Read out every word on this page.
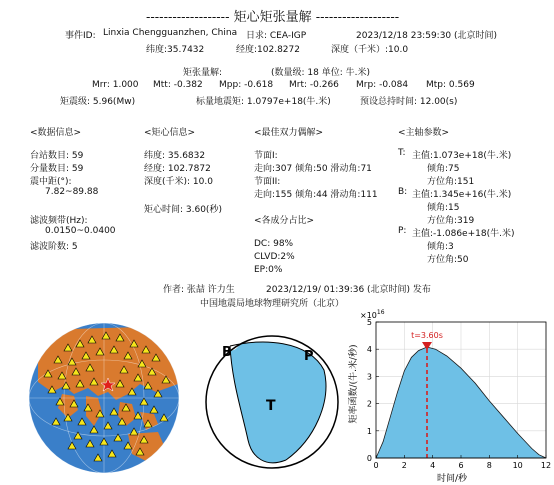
------------------- 矩心矩张量解 -------------------
事件ID: Linxia Chengguanzhen, China 日求: CEA-IGP	2023/12/18 23:59:30 (北京时间)
纬度:35.7432	经度:102.8272	深度（千米）:10.0
矩张量解:	(数量级: 18 单位: 牛.米)
Mrr: 1.000 Mtt: -0.382 Mpp: -0.618 Mrt: -0.266 Mrp: -0.084 Mtp: 0.569
矩震级: 5.96(Mw)	标量地震矩: 1.0797e+18(牛.米)	预设总持时间: 12.00(s)
<数据信息>
台站数目: 59
分量数目: 59
震中距(°):
7.82~89.88
滤波频带(Hz):
0.0150~0.0400
滤波阶数: 5
<矩心信息>
纬度: 35.6832
经度: 102.7872
深度(千米): 10.0
矩心时间: 3.60(秒)
<最佳双力偶解>
节面I:
走向:307 倾角:50 滑动角:71
节面II:
走向:155 倾角:44 滑动角:111
<各成分占比>
DC: 98%
CLVD:2%
EP:0%
<主轴参数>
T: 主值:1.073e+18(牛.米)
倾角:75
方位角:151
B: 主值:1.345e+16(牛.米)
倾角:15
方位角:319
P: 主值:-1.086e+18(牛.米)
倾角:3
方位角:50
作者: 张喆 许力生	2023/12/19/ 01:39:36 (北京时间) 发布
中国地震局地球物理研究所（北京）
B	P
T
t=3.60s
0	2	4	6	8	10 12
0
1
2
3
4
5
$\times 10^{16}$
矩率函数/(牛.米/秒)
时间/秒
